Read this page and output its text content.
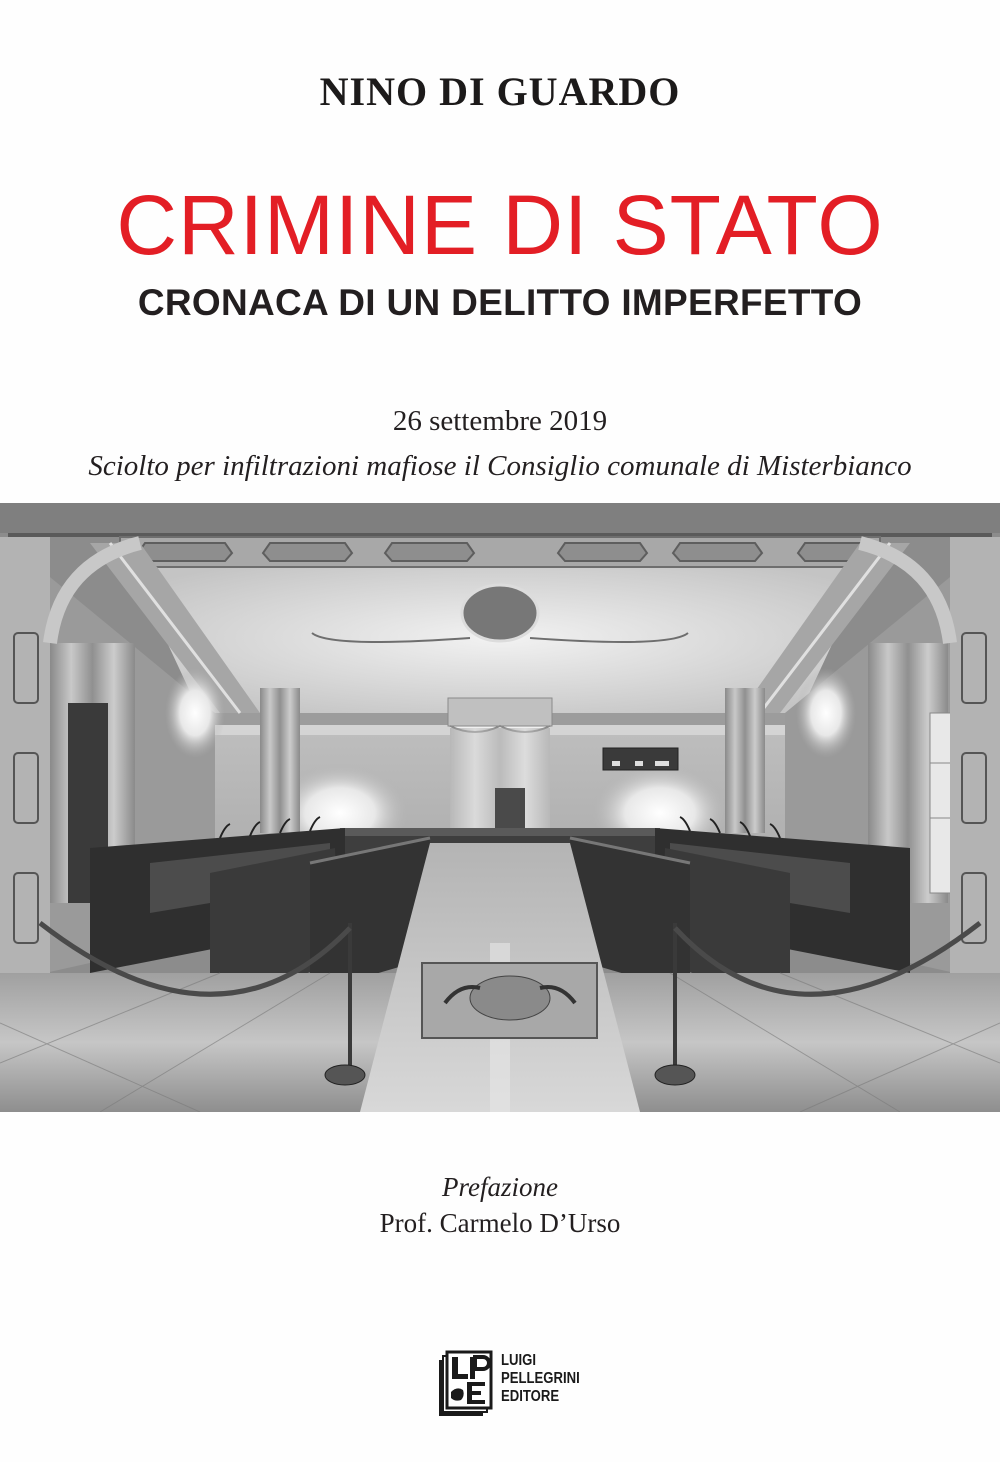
NINO DI GUARDO
CRIMINE DI STATO
CRONACA DI UN DELITTO IMPERFETTO
26 settembre 2019
Sciolto per infiltrazioni mafiose il Consiglio comunale di Misterbianco
Prefazione
Prof. Carmelo D’Urso
LUIGI
PELLEGRINI
EDITORE
